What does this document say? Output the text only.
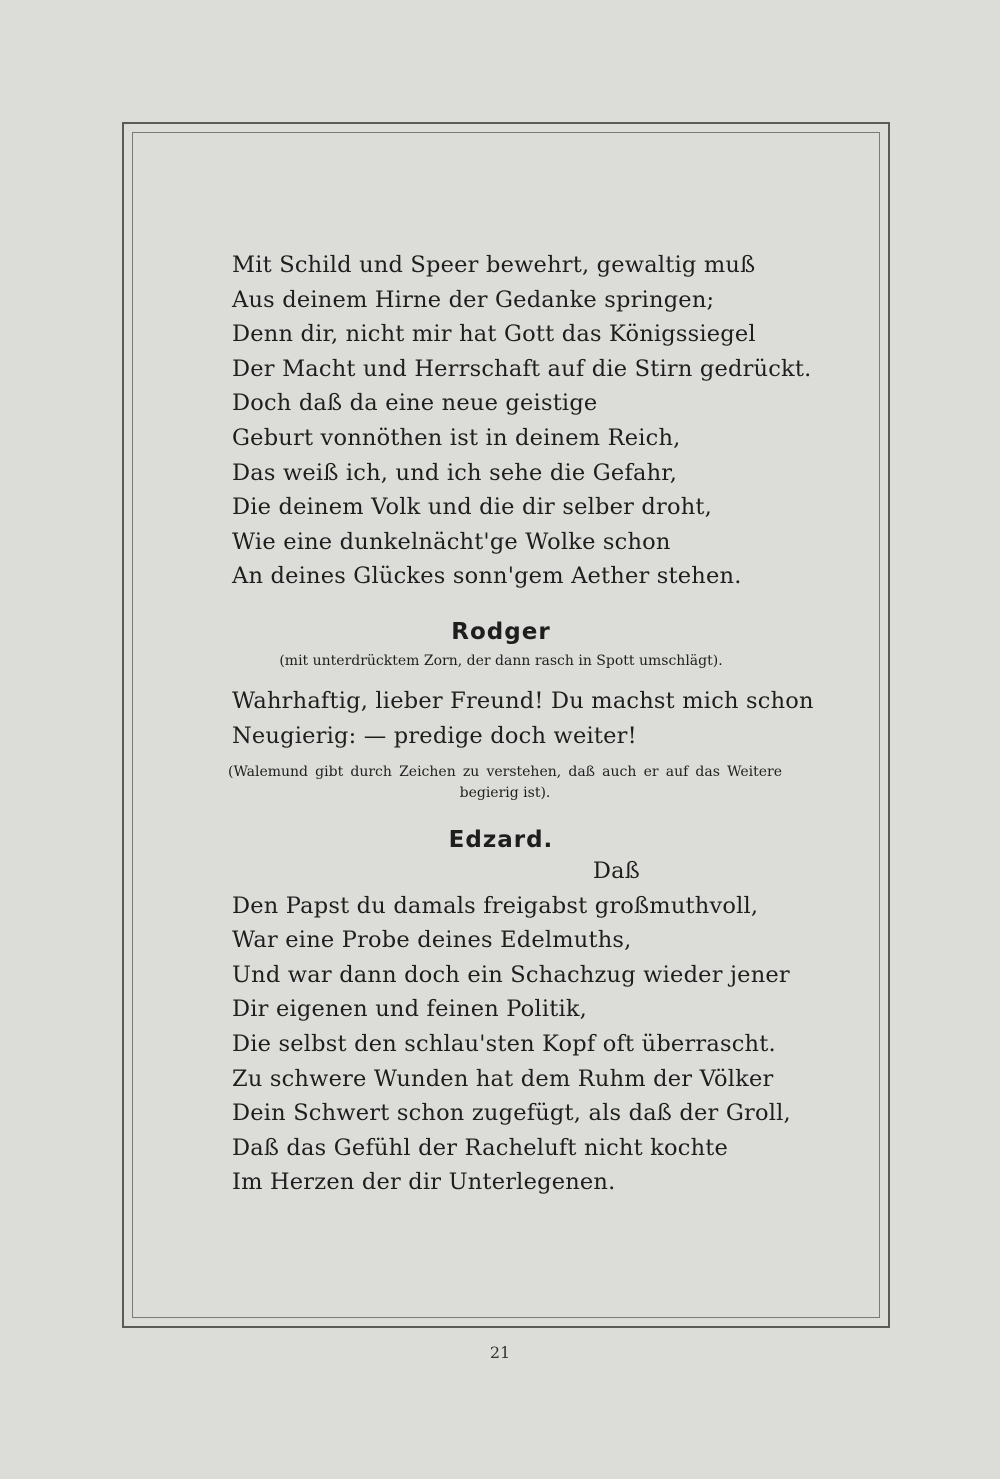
Mit Schild und Speer bewehrt, gewaltig muß
Aus deinem Hirne der Gedanke springen;
Denn dir, nicht mir hat Gott das Königssiegel
Der Macht und Herrschaft auf die Stirn gedrückt.
Doch daß da eine neue geistige
Geburt vonnöthen ist in deinem Reich,
Das weiß ich, und ich sehe die Gefahr,
Die deinem Volk und die dir selber droht,
Wie eine dunkelnächt'ge Wolke schon
An deines Glückes sonn'gem Aether stehen.
Rodger
(mit unterdrücktem Zorn, der dann rasch in Spott umschlägt).
Wahrhaftig, lieber Freund! Du machst mich schon
Neugierig: — predige doch weiter!
(Walemund gibt durch Zeichen zu verstehen, daß auch er auf das Weitere begierig ist).
Edzard.
Daß
Den Papst du damals freigabst großmuthvoll,
War eine Probe deines Edelmuths,
Und war dann doch ein Schachzug wieder jener
Dir eigenen und feinen Politik,
Die selbst den schlau'sten Kopf oft überrascht.
Zu schwere Wunden hat dem Ruhm der Völker
Dein Schwert schon zugefügt, als daß der Groll,
Daß das Gefühl der Racheluft nicht kochte
Im Herzen der dir Unterlegenen.
21
